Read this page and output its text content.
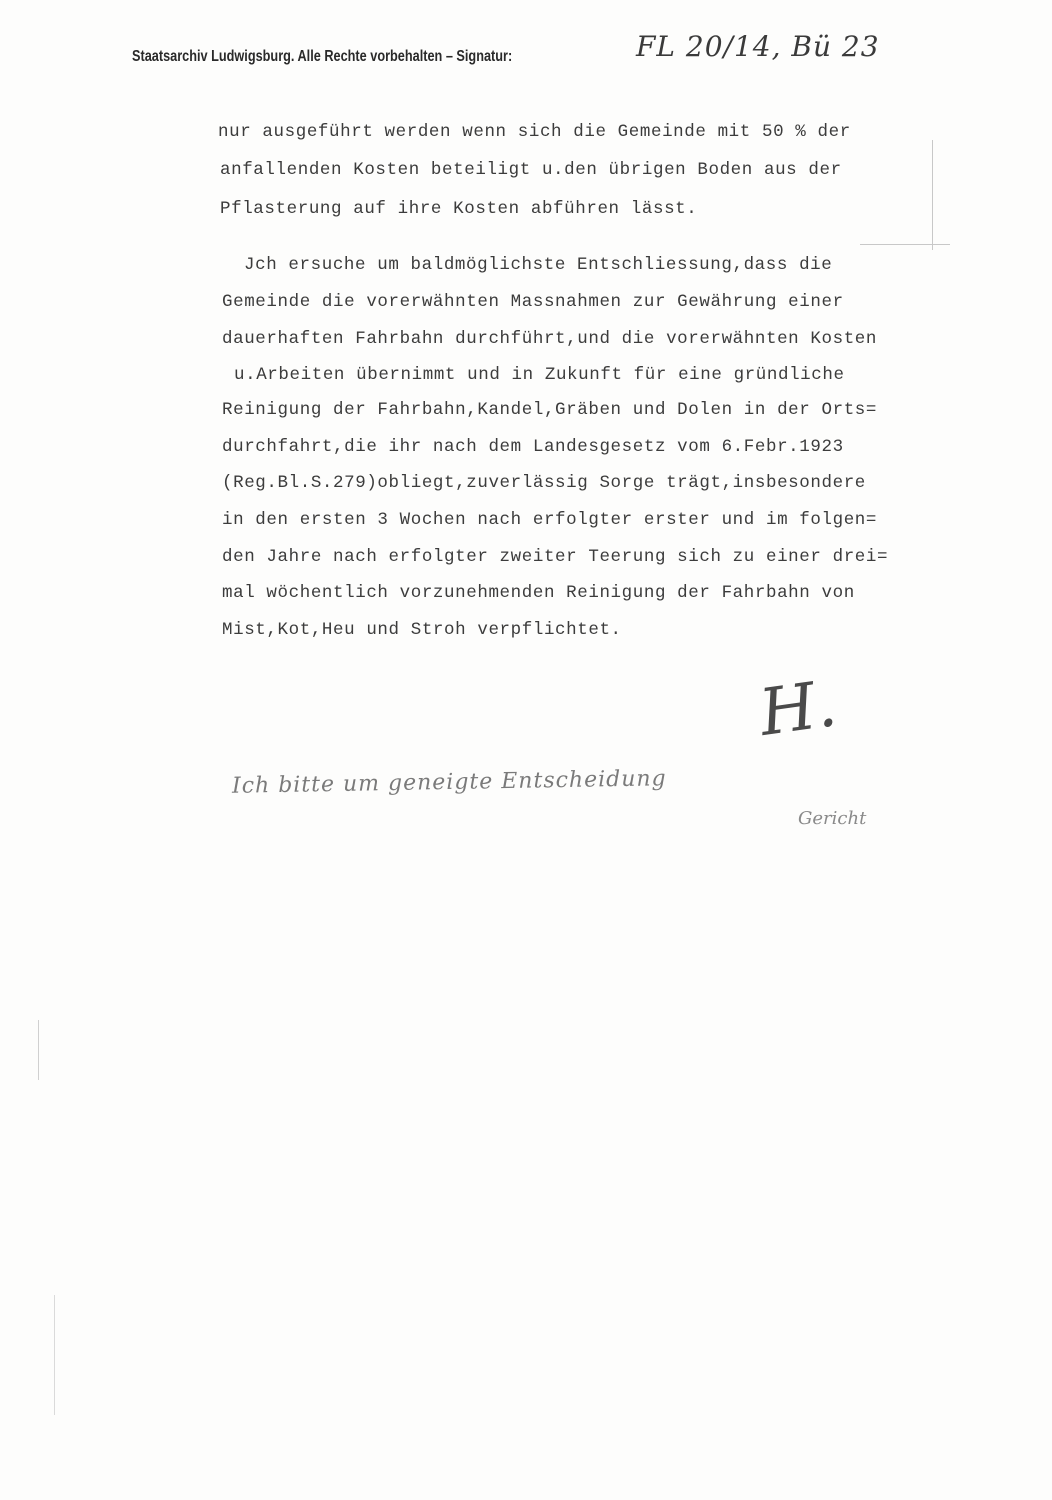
Staatsarchiv Ludwigsburg. Alle Rechte vorbehalten – Signatur:	FL 20/14, Bü 23
nur ausgeführt werden wenn sich die Gemeinde mit 50 % der
anfallenden Kosten beteiligt u.den übrigen Boden aus der
Pflasterung auf ihre Kosten abführen lässt.
Jch ersuche um baldmöglichste Entschliessung,dass die
Gemeinde die vorerwähnten Massnahmen zur Gewährung einer
dauerhaften Fahrbahn durchführt,und die vorerwähnten Kosten
u.Arbeiten übernimmt und in Zukunft für eine gründliche
Reinigung der Fahrbahn,Kandel,Gräben und Dolen in der Orts=
durchfahrt,die ihr nach dem Landesgesetz vom 6.Febr.1923
(Reg.Bl.S.279)obliegt,zuverlässig Sorge trägt,insbesondere
in den ersten 3 Wochen nach erfolgter erster und im folgen=
den Jahre nach erfolgter zweiter Teerung sich zu einer drei=
mal wöchentlich vorzunehmenden Reinigung der Fahrbahn von
Mist,Kot,Heu und Stroh verpflichtet.
H.
Ich bitte um geneigte Entscheidung
Gericht
